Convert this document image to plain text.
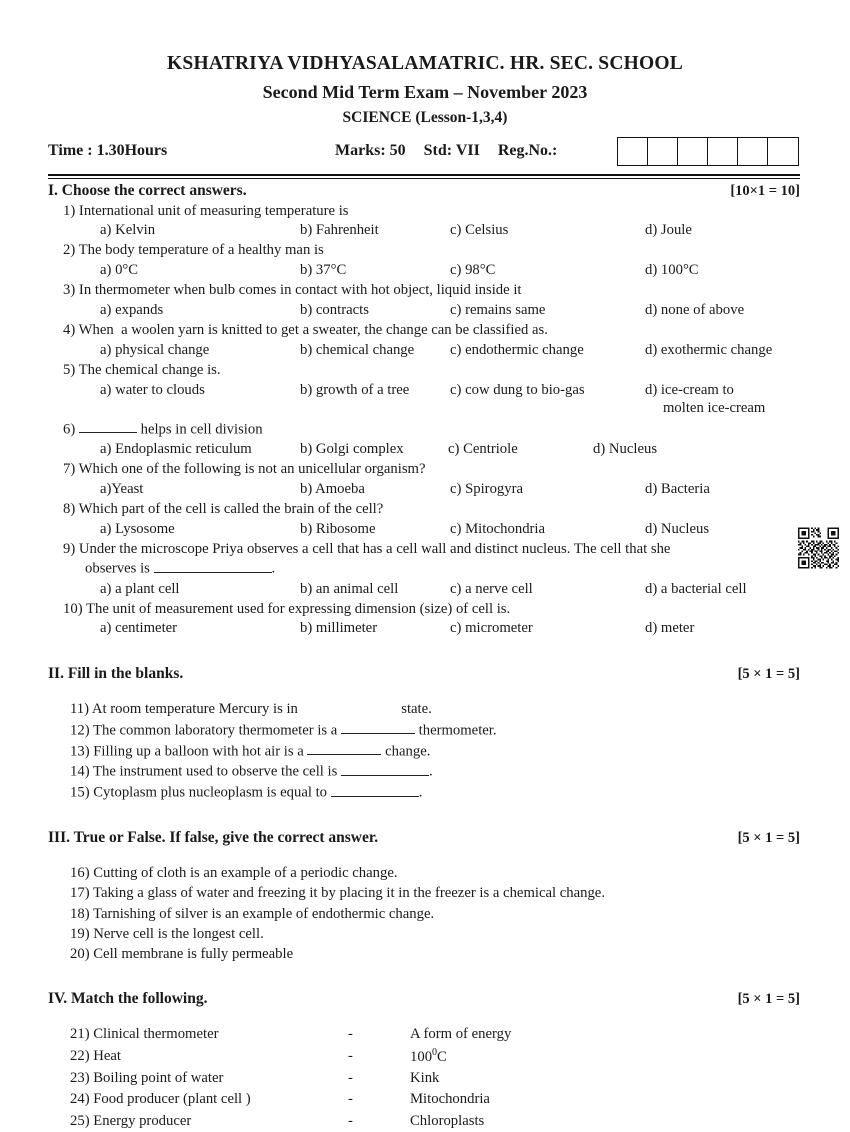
KSHATRIYA VIDHYASALAMATRIC. HR. SEC. SCHOOL
Second Mid Term Exam – November 2023
SCIENCE (Lesson-1,3,4)
Time : 1.30Hours	Marks: 50 Std: VII Reg.No.:
I. Choose the correct answers.	[10×1 = 10]
1) International unit of measuring temperature is
a) Kelvin	b) Fahrenheit	c) Celsius	d) Joule
2) The body temperature of a healthy man is
a) 0°C	b) 37°C	c) 98°C	d) 100°C
3) In thermometer when bulb comes in contact with hot object, liquid inside it
a) expands	b) contracts	c) remains same	d) none of above
4) When  a woolen yarn is knitted to get a sweater, the change can be classified as.
a) physical change	b) chemical change c) endothermic change	d) exothermic change
5) The chemical change is.
a) water to clouds	b) growth of a tree	c) cow dung to bio-gas	d) ice-cream to
molten ice-cream
6)	helps in cell division
a) Endoplasmic reticulum	b) Golgi complex	c) Centriole	d) Nucleus
7) Which one of the following is not an unicellular organism?
a)Yeast	b) Amoeba	c) Spirogyra	d) Bacteria
8) Which part of the cell is called the brain of the cell?
a) Lysosome	b) Ribosome	c) Mitochondria	d) Nucleus
9) Under the microscope Priya observes a cell that has a cell wall and distinct nucleus. The cell that she
observes is	.
a) a plant cell	b) an animal cell	c) a nerve cell	d) a bacterial cell
10) The unit of measurement used for expressing dimension (size) of cell is.
a) centimeter	b) millimeter	c) micrometer	d) meter
II. Fill in the blanks.	[5 × 1 = 5]
11) At room temperature Mercury is in	state.
12) The common laboratory thermometer is a	thermometer.
13) Filling up a balloon with hot air is a	change.
14) The instrument used to observe the cell is	.
15) Cytoplasm plus nucleoplasm is equal to	.
III. True or False. If false, give the correct answer.	[5 × 1 = 5]
16) Cutting of cloth is an example of a periodic change.
17) Taking a glass of water and freezing it by placing it in the freezer is a chemical change.
18) Tarnishing of silver is an example of endothermic change.
19) Nerve cell is the longest cell.
20) Cell membrane is fully permeable
IV. Match the following.	[5 × 1 = 5]
21) Clinical thermometer	-	A form of energy
22) Heat	-	$100^0C$
23) Boiling point of water	-	Kink
24) Food producer (plant cell )	-	Mitochondria
25) Energy producer	-	Chloroplasts
